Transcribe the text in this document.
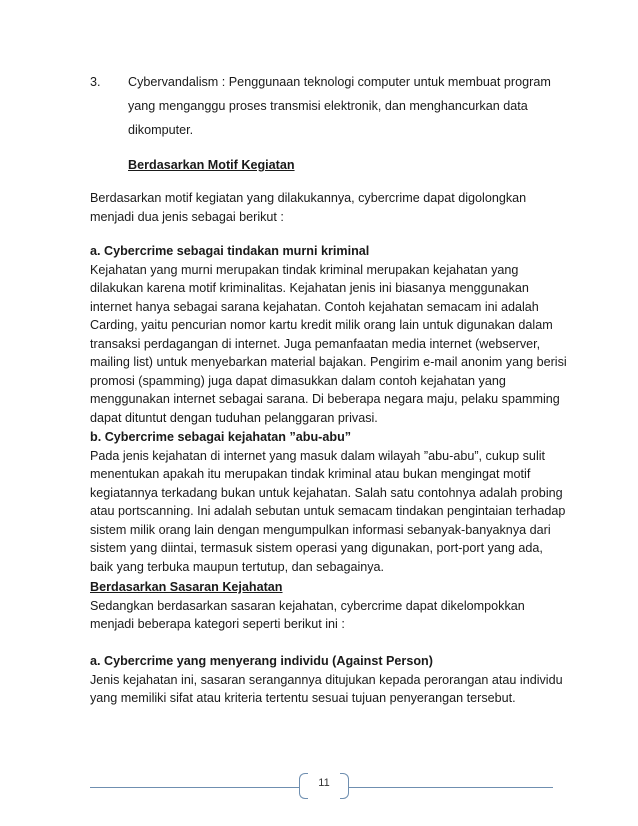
3. Cybervandalism : Penggunaan teknologi computer untuk membuat program
yang menganggu proses transmisi elektronik, dan menghancurkan data
dikomputer.
Berdasarkan Motif Kegiatan
Berdasarkan motif kegiatan yang dilakukannya, cybercrime dapat digolongkan
menjadi dua jenis sebagai berikut :
a. Cybercrime sebagai tindakan murni kriminal
Kejahatan yang murni merupakan tindak kriminal merupakan kejahatan yang
dilakukan karena motif kriminalitas. Kejahatan jenis ini biasanya menggunakan
internet hanya sebagai sarana kejahatan. Contoh kejahatan semacam ini adalah
Carding, yaitu pencurian nomor kartu kredit milik orang lain untuk digunakan dalam
transaksi perdagangan di internet. Juga pemanfaatan media internet (webserver,
mailing list) untuk menyebarkan material bajakan. Pengirim e-mail anonim yang berisi
promosi (spamming) juga dapat dimasukkan dalam contoh kejahatan yang
menggunakan internet sebagai sarana. Di beberapa negara maju, pelaku spamming
dapat dituntut dengan tuduhan pelanggaran privasi.
b. Cybercrime sebagai kejahatan ”abu-abu”
Pada jenis kejahatan di internet yang masuk dalam wilayah ”abu-abu”, cukup sulit
menentukan apakah itu merupakan tindak kriminal atau bukan mengingat motif
kegiatannya terkadang bukan untuk kejahatan. Salah satu contohnya adalah probing
atau portscanning. Ini adalah sebutan untuk semacam tindakan pengintaian terhadap
sistem milik orang lain dengan mengumpulkan informasi sebanyak-banyaknya dari
sistem yang diintai, termasuk sistem operasi yang digunakan, port-port yang ada,
baik yang terbuka maupun tertutup, dan sebagainya.
Berdasarkan Sasaran Kejahatan
Sedangkan berdasarkan sasaran kejahatan, cybercrime dapat dikelompokkan
menjadi beberapa kategori seperti berikut ini :
a. Cybercrime yang menyerang individu (Against Person)
Jenis kejahatan ini, sasaran serangannya ditujukan kepada perorangan atau individu
yang memiliki sifat atau kriteria tertentu sesuai tujuan penyerangan tersebut.
11
